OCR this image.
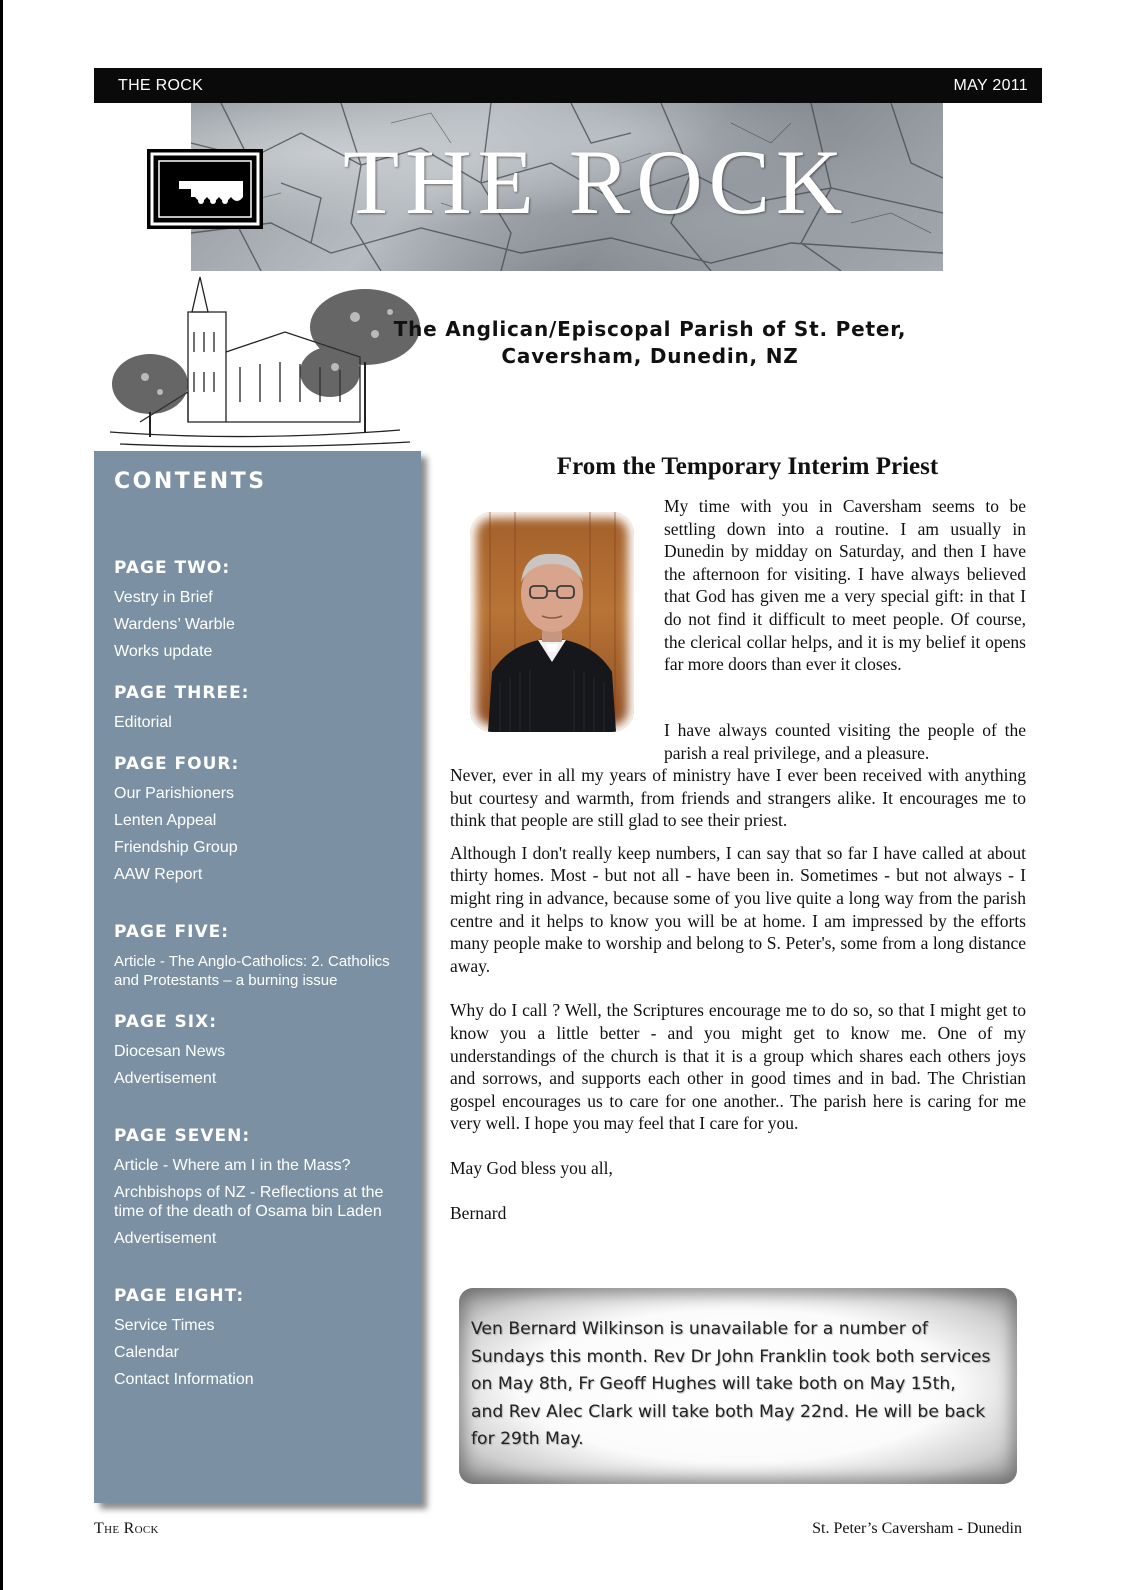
THE ROCK	MAY 2011
THE ROCK
The Anglican/Episcopal Parish of St. Peter,
Caversham, Dunedin, NZ
CONTENTS
PAGE TWO:
Vestry in Brief
Wardens’ Warble
Works update
PAGE THREE:
Editorial
PAGE FOUR:
Our Parishioners
Lenten Appeal
Friendship Group
AAW Report
PAGE FIVE:
Article - The Anglo-Catholics: 2. Catholics and Protestants – a burning issue
PAGE SIX:
Diocesan News
Advertisement
PAGE SEVEN:
Article - Where am I in the Mass?
Archbishops of NZ - Reflections at the time of the death of Osama bin Laden
Advertisement
PAGE EIGHT:
Service Times
Calendar
Contact Information
From the Temporary Interim Priest

My time with you in Caversham seems to be settling down into a routine. I am usually in Dunedin by midday on Saturday, and then I have the afternoon for visiting. I have always believed that God has given me a very special gift: in that I do not find it difficult to meet people. Of course, the clerical collar helps, and it is my belief it opens far more doors than ever it closes.

I have always counted visiting the people of the parish a real privilege, and a pleasure.

Never, ever in all my years of ministry have I ever been received with anything but courtesy and warmth, from friends and strangers alike. It encourages me to think that people are still glad to see their priest.

Although I don't really keep numbers, I can say that so far I have called at about thirty homes. Most - but not all - have been in. Sometimes - but not always - I might ring in advance, because some of you live quite a long way from the parish centre and it helps to know you will be at home. I am impressed by the efforts many people make to worship and belong to S. Peter's, some from a long distance away.

Why do I call ? Well, the Scriptures encourage me to do so, so that I might get to know you a little better - and you might get to know me. One of my understandings of the church is that it is a group which shares each others joys and sorrows, and supports each other in good times and in bad. The Christian gospel encourages us to care for one another.. The parish here is caring for me very well. I hope you may feel that I care for you.

May God bless you all,

Bernard

Ven Bernard Wilkinson is unavailable for a number of Sundays this month. Rev Dr John Franklin took both services on May 8th, Fr Geoff Hughes will take both on May 15th, and Rev Alec Clark will take both May 22nd. He will be back for 29th May.
The Rock	St. Peter’s Caversham - Dunedin
